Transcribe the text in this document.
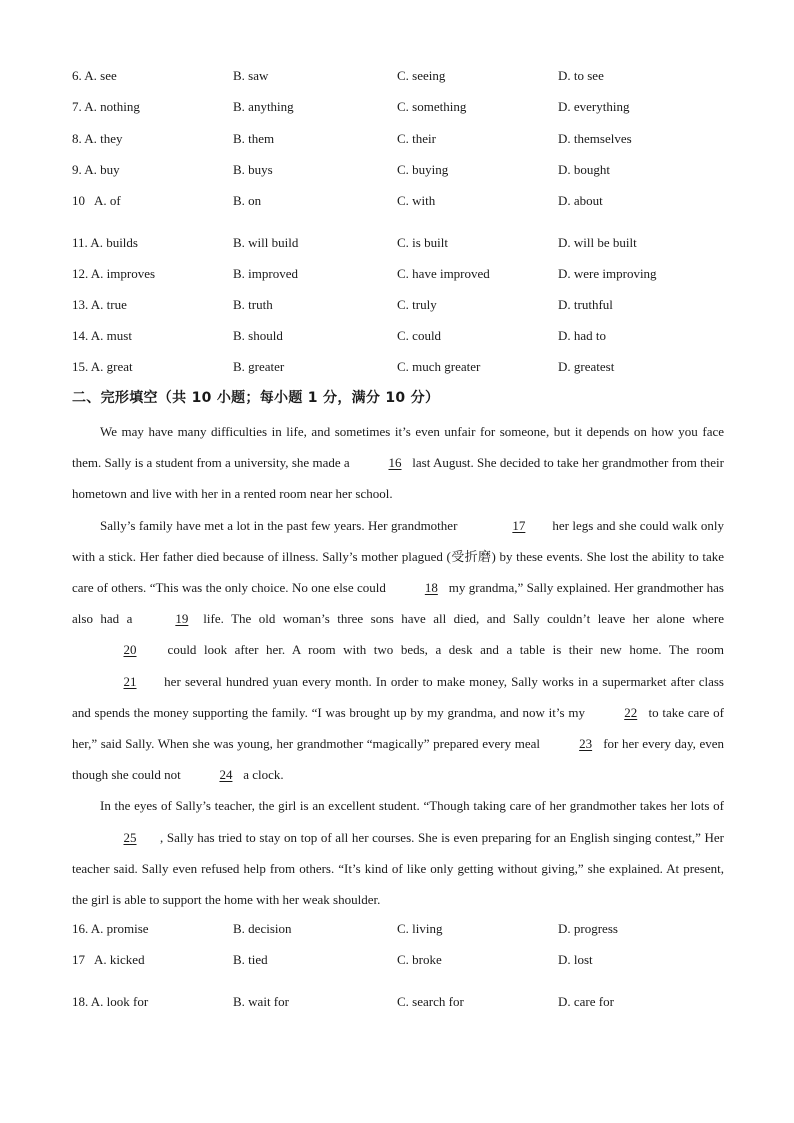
6. A. see	B. saw	C. seeing	D. to see
7. A. nothing	B. anything	C. something	D. everything
8. A. they	B. them	C. their	D. themselves
9. A. buy	B. buys	C. buying	D. bought
10   A. of	B. on	C. with	D. about
11. A. builds	B. will build	C. is built	D. will be built
12. A. improves	B. improved	C. have improved	D. were improving
13. A. true	B. truth	C. truly	D. truthful
14. A. must	B. should	C. could	D. had to
15. A. great	B. greater	C. much greater	D. greatest
二、完形填空（共 10 小题；每小题 1 分，满分 10 分）

We may have many difficulties in life, and sometimes it’s even unfair for someone, but it depends on how you face them. Sally is a student from a university, she made a	16 last August. She decided to take her grandmother from their hometown and live with her in a rented room near her school.

Sally’s family have met a lot in the past few years. Her grandmother	17 her legs and she could walk only with a stick. Her father died because of illness. Sally’s mother plagued (受折磨) by these events. She lost the ability to take care of others. “This was the only choice. No one else could	18 my grandma,” Sally explained. Her grandmother has also had a	19 life. The old woman’s three sons have all died, and Sally couldn’t leave her alone where 20 could look after her. A room with two beds, a desk and a table is their new home. The room 21 her several hundred yuan every month. In order to make money, Sally works in a supermarket after class and spends the money supporting the family. “I was brought up by my grandma, and now it’s my	22 to take care of her,” said Sally. When she was young, her grandmother “magically” prepared every meal	23 for her every day, even though she could not	24 a clock.

In the eyes of Sally’s teacher, the girl is an excellent student. “Though taking care of her grandmother takes her lots of 25 , Sally has tried to stay on top of all her courses. She is even preparing for an English singing contest,” Her teacher said. Sally even refused help from others. “It’s kind of like only getting without giving,” she explained. At present, the girl is able to support the home with her weak shoulder.

16. A. promise	B. decision	C. living	D. progress
17   A. kicked	B. tied	C. broke	D. lost
18. A. look for	B. wait for	C. search for	D. care for
